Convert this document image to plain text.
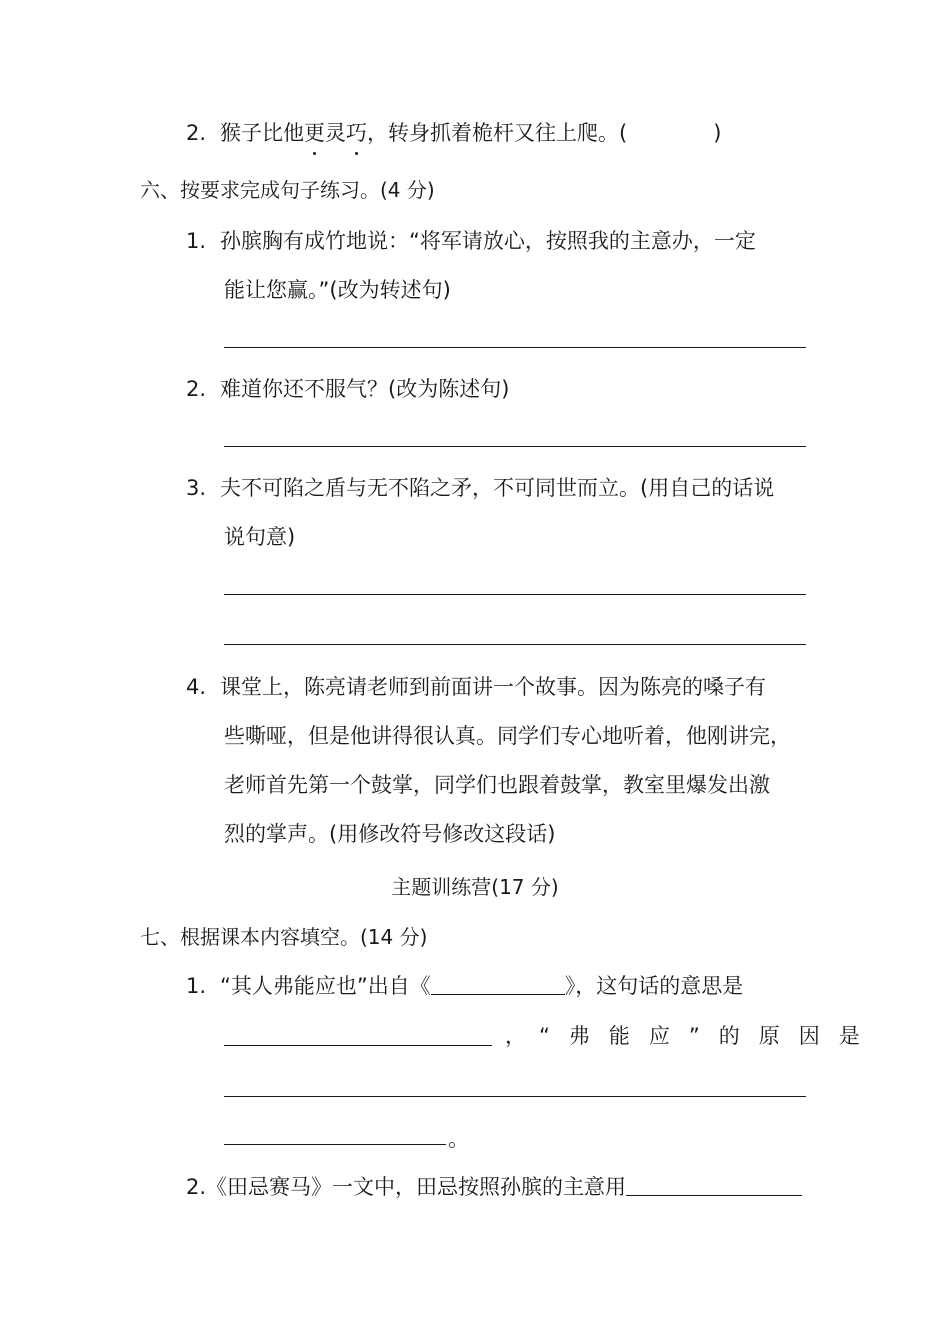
2. 猴子比他更灵巧，转身抓着桅杆又往上爬。(	)
六、按要求完成句子练习。(4 分)
1. 孙膑胸有成竹地说：“将军请放心，按照我的主意办，一定
能让您赢。”(改为转述句)
2. 难道你还不服气？(改为陈述句)
3. 夫不可陷之盾与无不陷之矛，不可同世而立。(用自己的话说
说句意)
4. 课堂上，陈亮请老师到前面讲一个故事。因为陈亮的嗓子有
些嘶哑，但是他讲得很认真。同学们专心地听着，他刚讲完，
老师首先第一个鼓掌，同学们也跟着鼓掌，教室里爆发出激
烈的掌声。(用修改符号修改这段话)
主题训练营(17 分)
七、根据课本内容填空。(14 分)
1. “其人弗能应也”出自《	》，这句话的意思是
， “弗能应”的原因是
。
2.《田忌赛马》一文中，田忌按照孙膑的主意用
